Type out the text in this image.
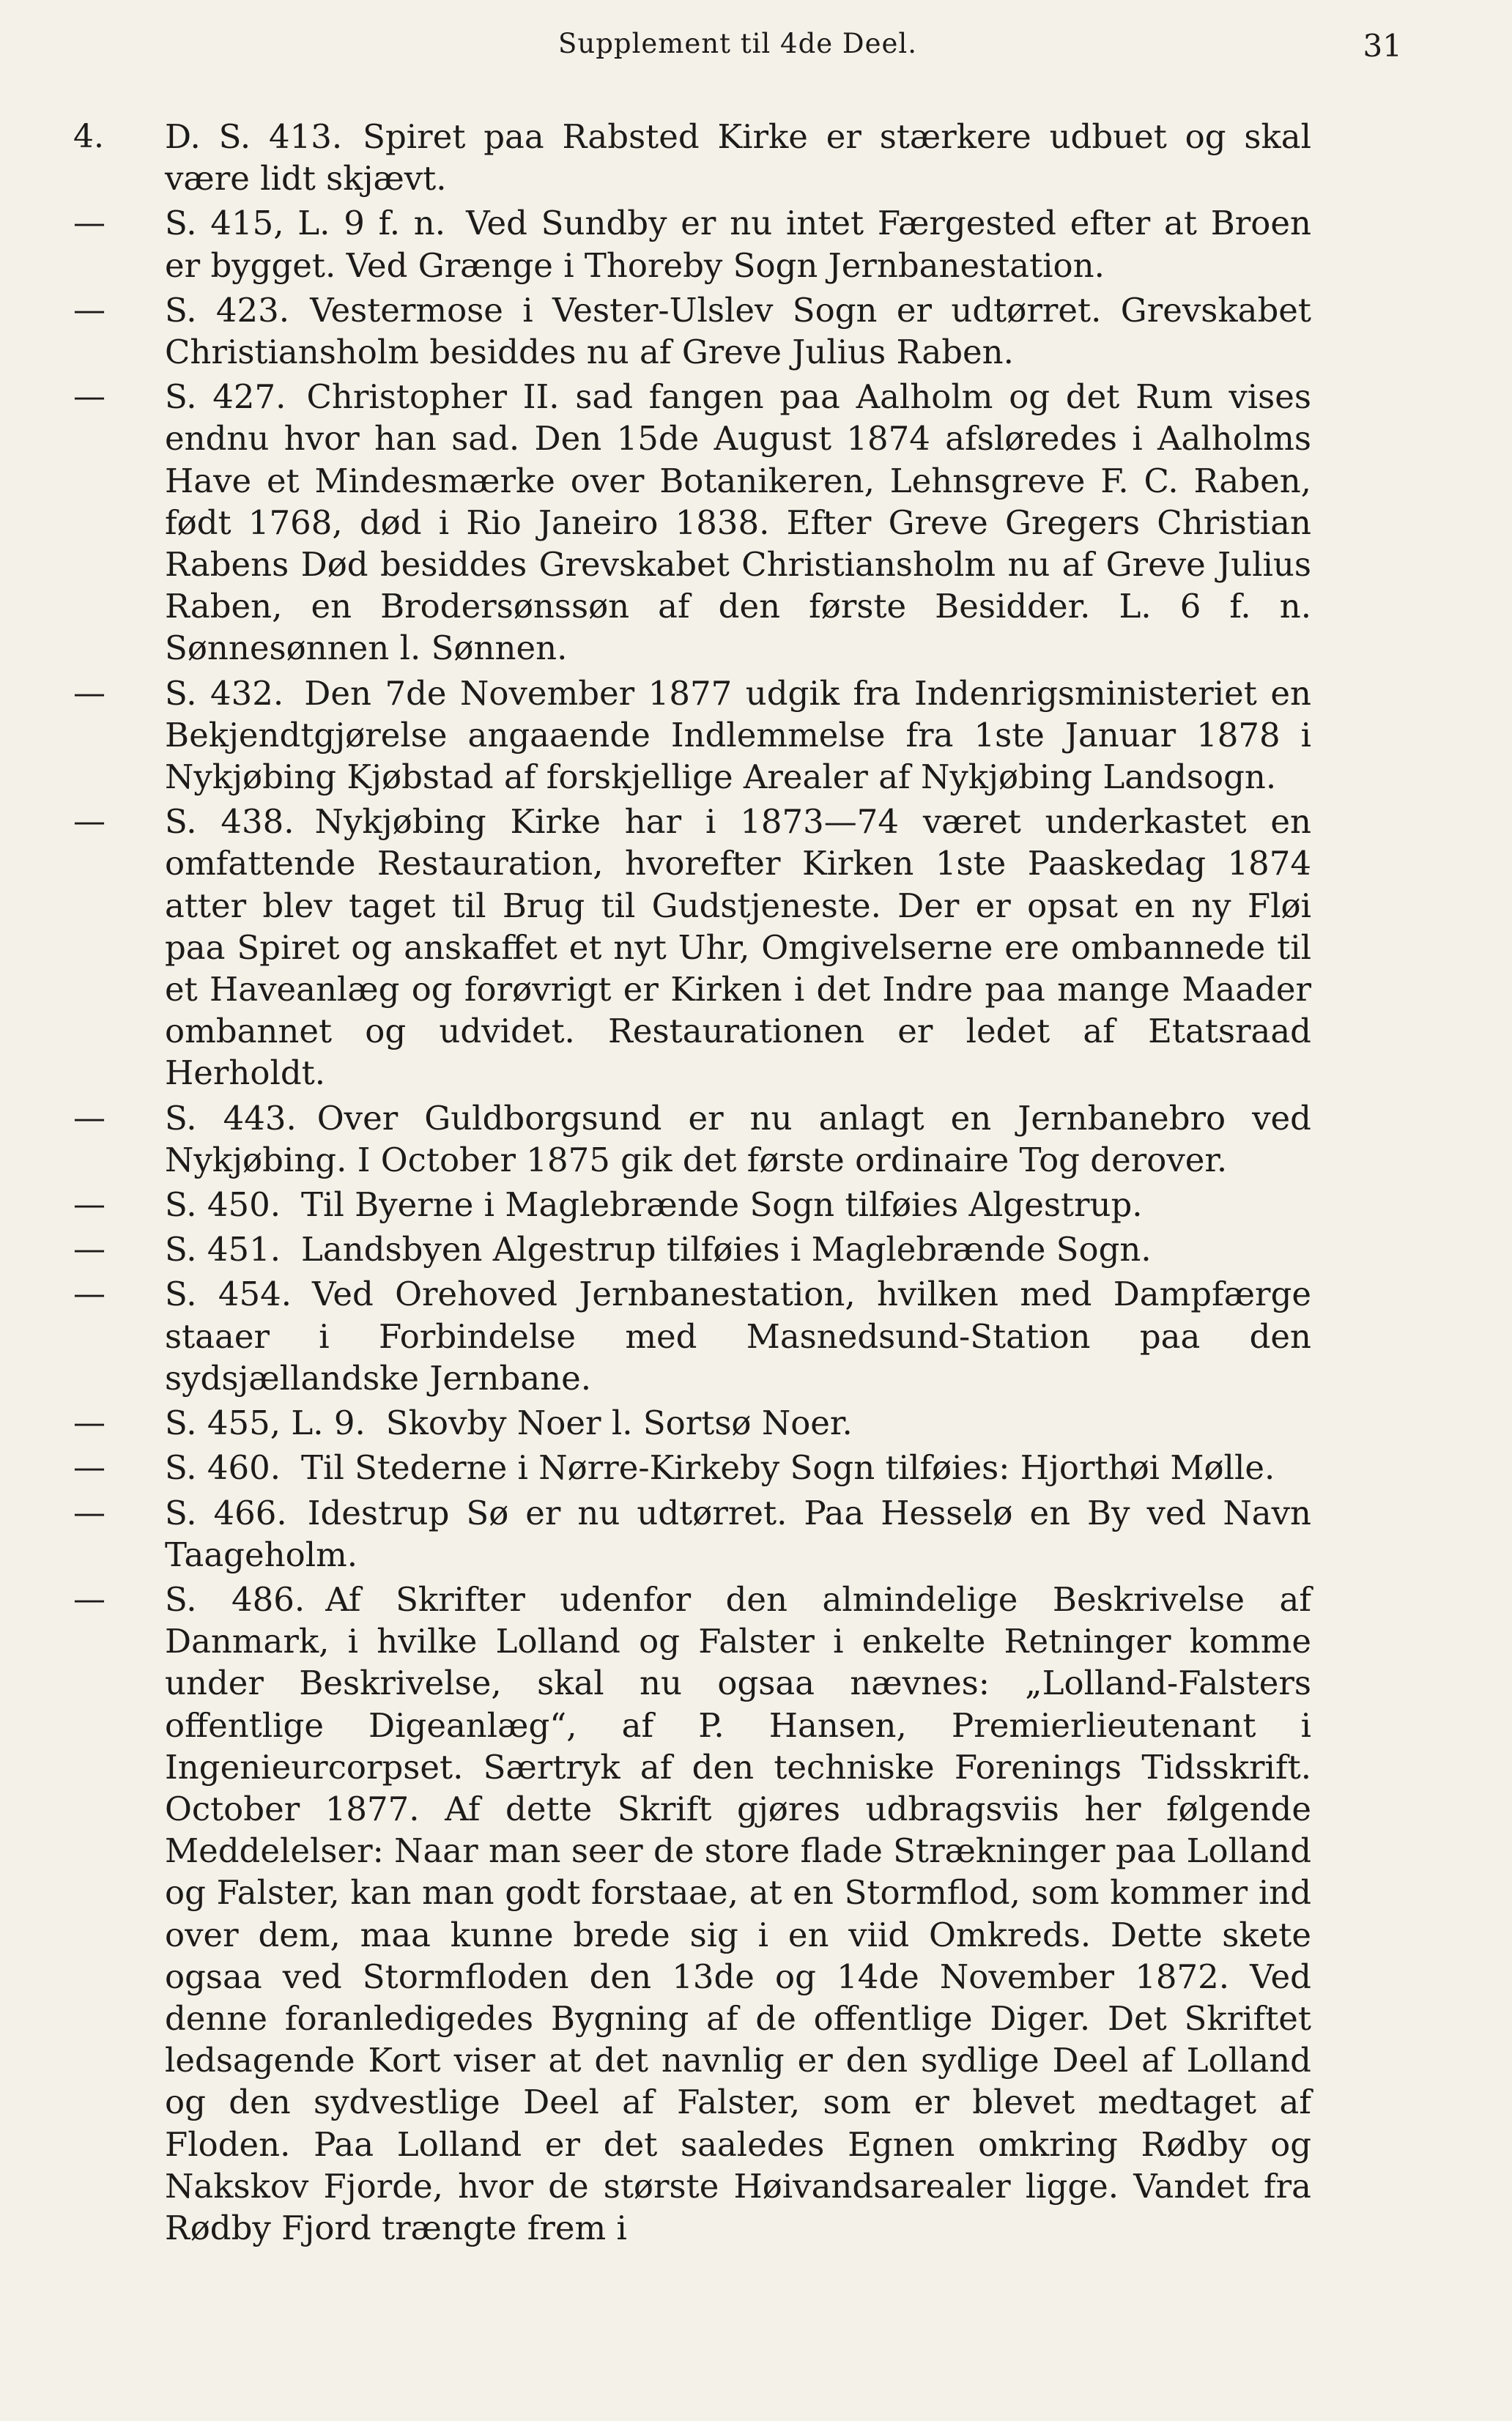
Supplement til 4de Deel.	31
4.	D. S. 413. Spiret paa Rabsted Kirke er stærkere udbuet og skal være lidt skjævt.
—	S. 415, L. 9 f. n. Ved Sundby er nu intet Færgested efter at Broen er bygget. Ved Grænge i Thoreby Sogn Jernbanestation.
—	S. 423. Vestermose i Vester-Ulslev Sogn er udtørret. Grevskabet Christiansholm besiddes nu af Greve Julius Raben.
—	S. 427. Christopher II. sad fangen paa Aalholm og det Rum vises endnu hvor han sad. Den 15de August 1874 afsløredes i Aalholms Have et Mindesmærke over Botanikeren, Lehnsgreve F. C. Raben, født 1768, død i Rio Janeiro 1838. Efter Greve Gregers Christian Rabens Død besiddes Grevskabet Christiansholm nu af Greve Julius Raben, en Brodersønssøn af den første Besidder. L. 6 f. n. Sønnesønnen l. Sønnen.
—	S. 432. Den 7de November 1877 udgik fra Indenrigsministeriet en Bekjendtgjørelse angaaende Indlemmelse fra 1ste Januar 1878 i Nykjøbing Kjøbstad af forskjellige Arealer af Nykjøbing Landsogn.
—	S. 438. Nykjøbing Kirke har i 1873—74 været underkastet en omfattende Restauration, hvorefter Kirken 1ste Paaskedag 1874 atter blev taget til Brug til Gudstjeneste. Der er opsat en ny Fløi paa Spiret og anskaffet et nyt Uhr, Omgivelserne ere ombannede til et Haveanlæg og forøvrigt er Kirken i det Indre paa mange Maader ombannet og udvidet. Restaurationen er ledet af Etatsraad Herholdt.
—	S. 443. Over Guldborgsund er nu anlagt en Jernbanebro ved Nykjøbing. I October 1875 gik det første ordinaire Tog derover.
—	S. 450. Til Byerne i Maglebrænde Sogn tilføies Algestrup.
—	S. 451. Landsbyen Algestrup tilføies i Maglebrænde Sogn.
—	S. 454. Ved Orehoved Jernbanestation, hvilken med Dampfærge staaer i Forbindelse med Masnedsund-Station paa den sydsjællandske Jernbane.
—	S. 455, L. 9. Skovby Noer l. Sortsø Noer.
—	S. 460. Til Stederne i Nørre-Kirkeby Sogn tilføies: Hjorthøi Mølle.
—	S. 466. Idestrup Sø er nu udtørret. Paa Hesselø en By ved Navn Taageholm.
—	S. 486. Af Skrifter udenfor den almindelige Beskrivelse af Danmark, i hvilke Lolland og Falster i enkelte Retninger komme under Beskrivelse, skal nu ogsaa nævnes: „Lolland-Falsters offentlige Digeanlæg“, af P. Hansen, Premierlieutenant i Ingenieurcorpset. Særtryk af den techniske Forenings Tidsskrift. October 1877. Af dette Skrift gjøres udbragsviis her følgende Meddelelser: Naar man seer de store flade Strækninger paa Lolland og Falster, kan man godt forstaae, at en Stormflod, som kommer ind over dem, maa kunne brede sig i en viid Omkreds. Dette skete ogsaa ved Stormfloden den 13de og 14de November 1872. Ved denne foranledigedes Bygning af de offentlige Diger. Det Skriftet ledsagende Kort viser at det navnlig er den sydlige Deel af Lolland og den sydvestlige Deel af Falster, som er blevet medtaget af Floden. Paa Lolland er det saaledes Egnen omkring Rødby og Nakskov Fjorde, hvor de største Høivandsarealer ligge. Vandet fra Rødby Fjord trængte frem i
